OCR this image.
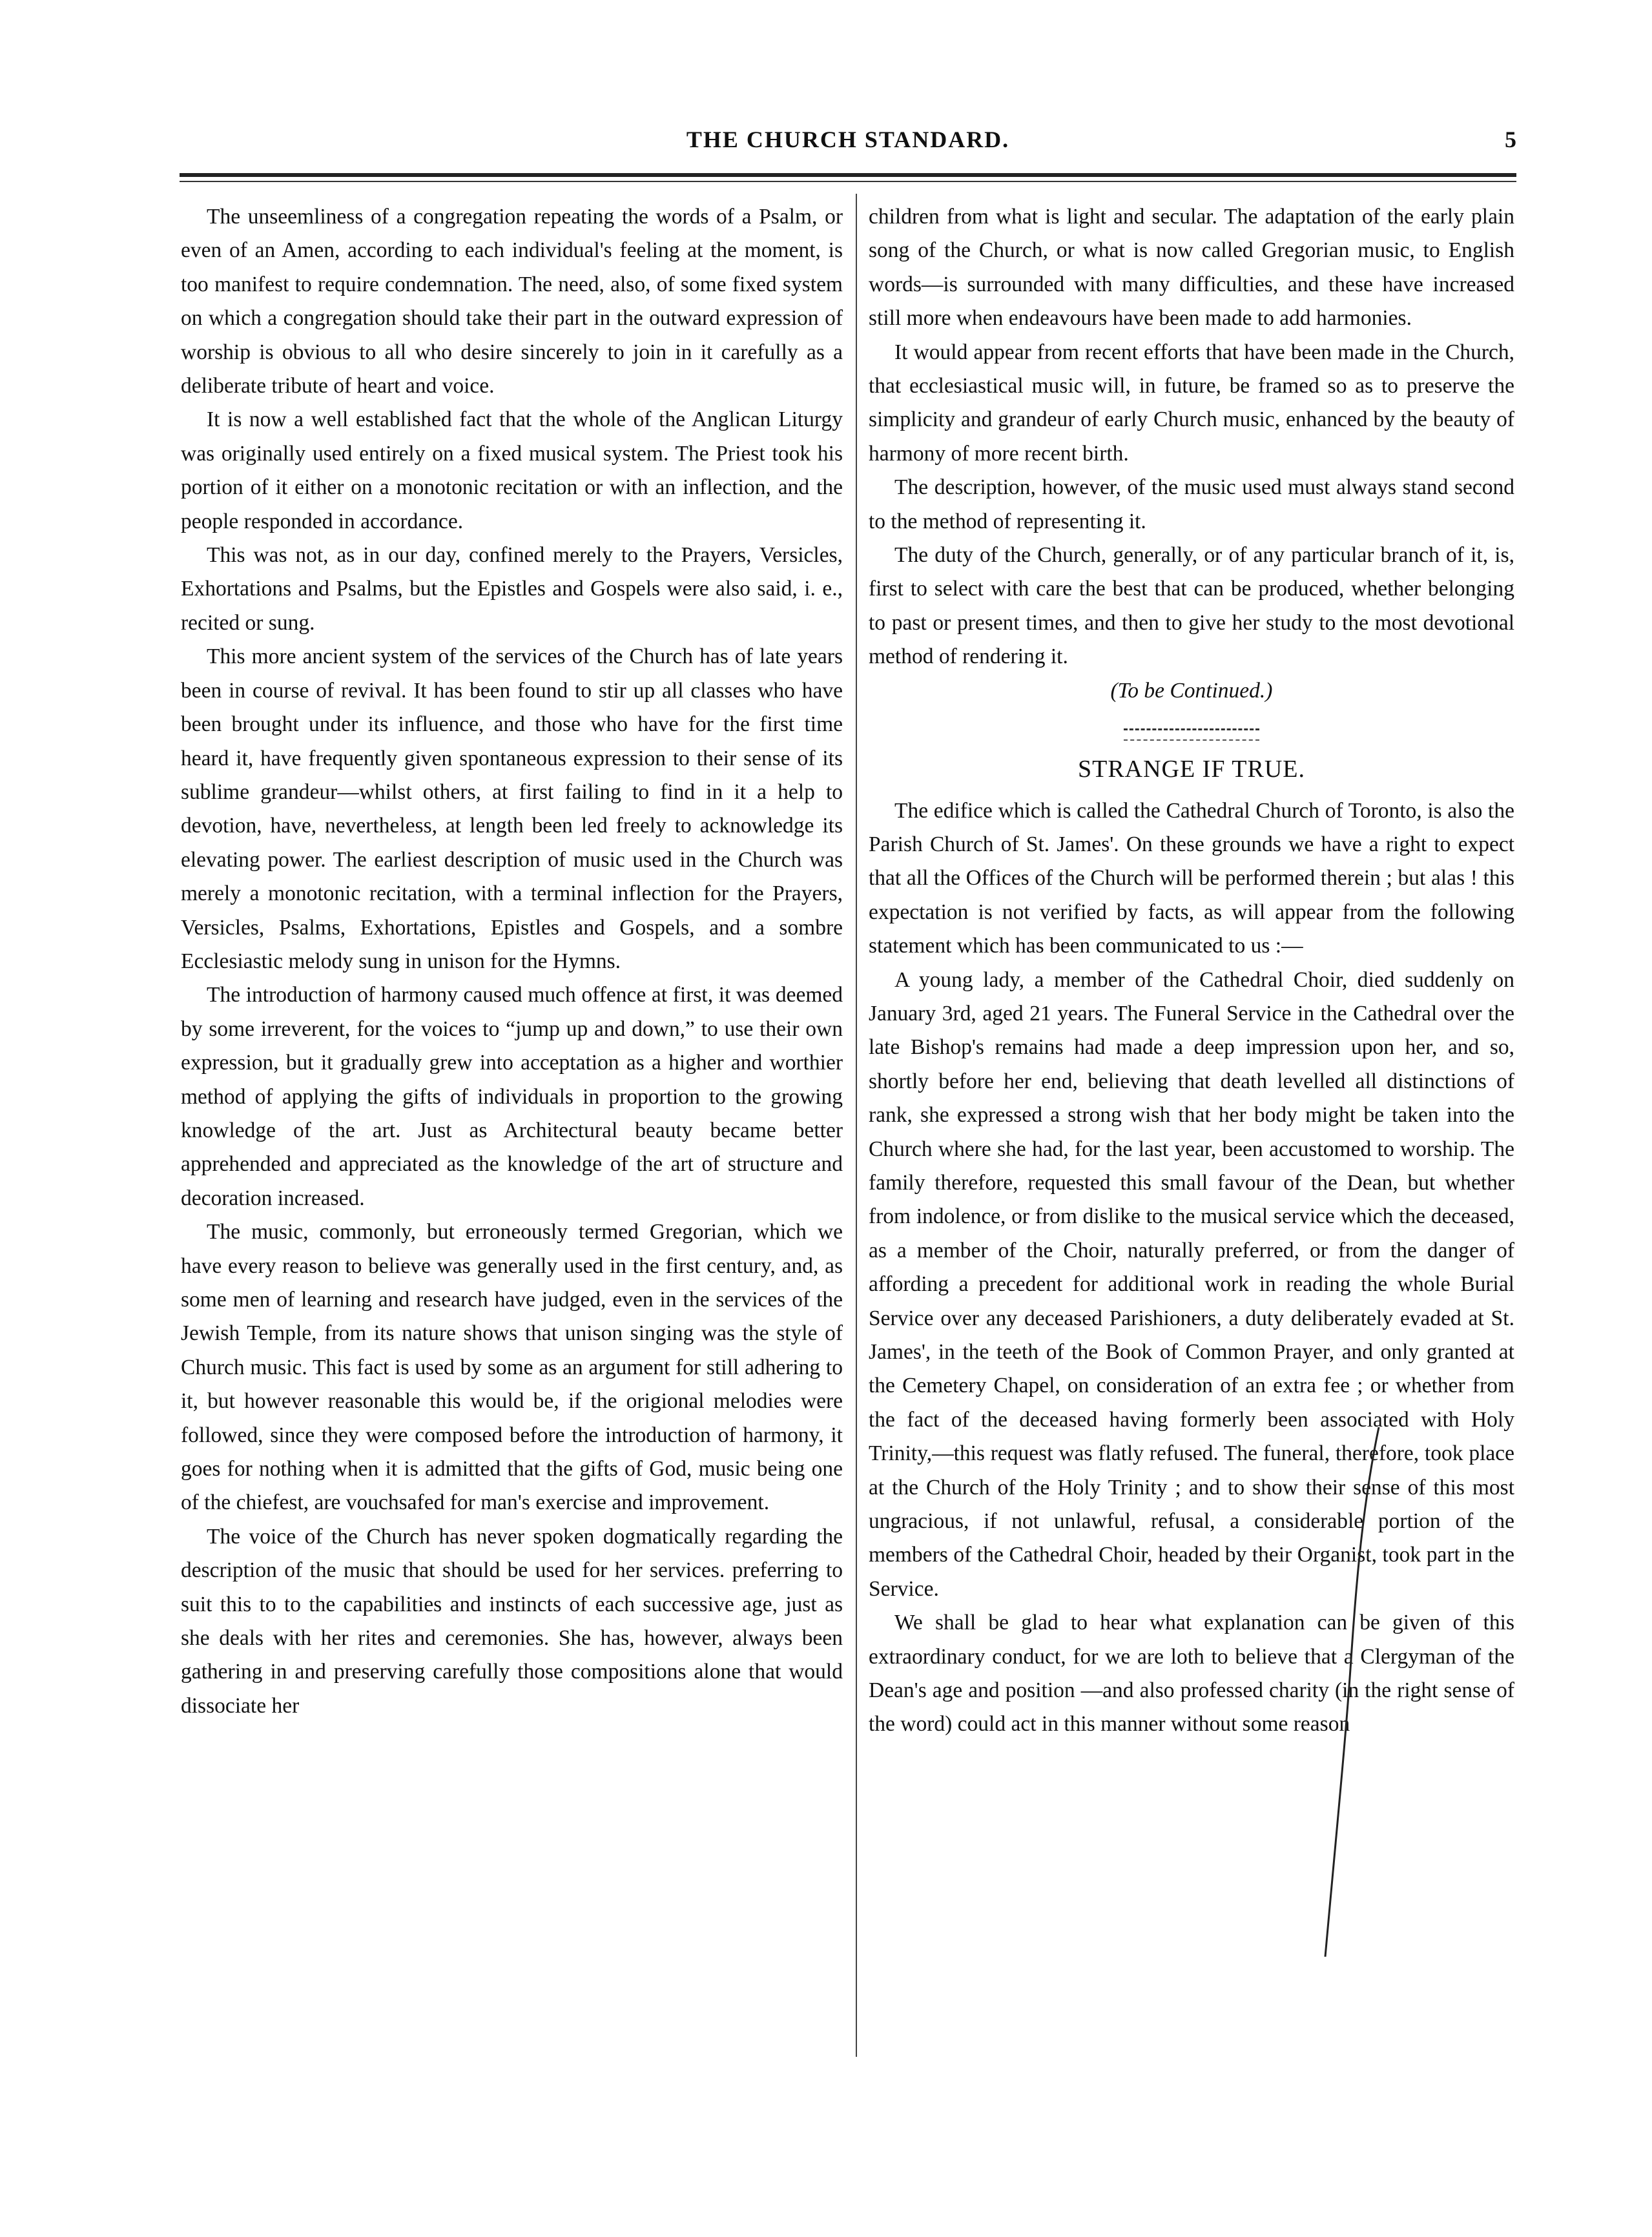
THE CHURCH STANDARD.	5

The unseemliness of a congregation repeating the words of a Psalm, or even of an Amen, according to each individual's feeling at the moment, is too manifest to require condemnation. The need, also, of some fixed system on which a congregation should take their part in the outward expression of worship is obvious to all who desire sincerely to join in it carefully as a deliberate tribute of heart and voice.

It is now a well established fact that the whole of the Anglican Liturgy was originally used entirely on a fixed musical system. The Priest took his portion of it either on a monotonic recitation or with an inflection, and the people responded in accordance.

This was not, as in our day, confined merely to the Prayers, Versicles, Exhortations and Psalms, but the Epistles and Gospels were also said, i. e., recited or sung.

This more ancient system of the services of the Church has of late years been in course of revival. It has been found to stir up all classes who have been brought under its influence, and those who have for the first time heard it, have frequently given spontaneous expression to their sense of its sublime grandeur—whilst others, at first failing to find in it a help to devotion, have, nevertheless, at length been led freely to acknowledge its elevating power. The earliest description of music used in the Church was merely a monotonic recitation, with a terminal inflection for the Prayers, Versicles, Psalms, Exhortations, Epistles and Gospels, and a sombre Ecclesiastic melody sung in unison for the Hymns.

The introduction of harmony caused much offence at first, it was deemed by some irreverent, for the voices to “jump up and down,” to use their own expression, but it gradually grew into acceptation as a higher and worthier method of applying the gifts of individuals in proportion to the growing knowledge of the art. Just as Architectural beauty became better apprehended and appreciated as the knowledge of the art of structure and decoration increased.

The music, commonly, but erroneously termed Gregorian, which we have every reason to believe was generally used in the first century, and, as some men of learning and research have judged, even in the services of the Jewish Temple, from its nature shows that unison singing was the style of Church music. This fact is used by some as an argument for still adhering to it, but however reasonable this would be, if the origional melodies were followed, since they were composed before the introduction of harmony, it goes for nothing when it is admitted that the gifts of God, music being one of the chiefest, are vouchsafed for man's exercise and improvement.

The voice of the Church has never spoken dogmatically regarding the description of the music that should be used for her services. preferring to suit this to to the capabilities and instincts of each successive age, just as she deals with her rites and ceremonies. She has, however, always been gathering in and preserving carefully those compositions alone that would dissociate her

children from what is light and secular. The adaptation of the early plain song of the Church, or what is now called Gregorian music, to English words—is surrounded with many difficulties, and these have increased still more when endeavours have been made to add harmonies.

It would appear from recent efforts that have been made in the Church, that ecclesiastical music will, in future, be framed so as to preserve the simplicity and grandeur of early Church music, enhanced by the beauty of harmony of more recent birth.

The description, however, of the music used must always stand second to the method of representing it.

The duty of the Church, generally, or of any particular branch of it, is, first to select with care the best that can be produced, whether belonging to past or present times, and then to give her study to the most devotional method of rendering it.

(To be Continued.)

STRANGE IF TRUE.

The edifice which is called the Cathedral Church of Toronto, is also the Parish Church of St. James'. On these grounds we have a right to expect that all the Offices of the Church will be performed therein ; but alas ! this expectation is not verified by facts, as will appear from the following statement which has been communicated to us :—

A young lady, a member of the Cathedral Choir, died suddenly on January 3rd, aged 21 years. The Funeral Service in the Cathedral over the late Bishop's remains had made a deep impression upon her, and so, shortly before her end, believing that death levelled all distinctions of rank, she expressed a strong wish that her body might be taken into the Church where she had, for the last year, been accustomed to worship. The family therefore, requested this small favour of the Dean, but whether from indolence, or from dislike to the musical service which the deceased, as a member of the Choir, naturally preferred, or from the danger of affording a precedent for additional work in reading the whole Burial Service over any deceased Parishioners, a duty deliberately evaded at St. James', in the teeth of the Book of Common Prayer, and only granted at the Cemetery Chapel, on consideration of an extra fee ; or whether from the fact of the deceased having formerly been associated with Holy Trinity,—this request was flatly refused. The funeral, therefore, took place at the Church of the Holy Trinity ; and to show their sense of this most ungracious, if not unlawful, refusal, a considerable portion of the members of the Cathedral Choir, headed by their Organist, took part in the Service.

We shall be glad to hear what explanation can be given of this extraordinary conduct, for we are loth to believe that a Clergyman of the Dean's age and position —and also professed charity (in the right sense of the word) could act in this manner without some reason
